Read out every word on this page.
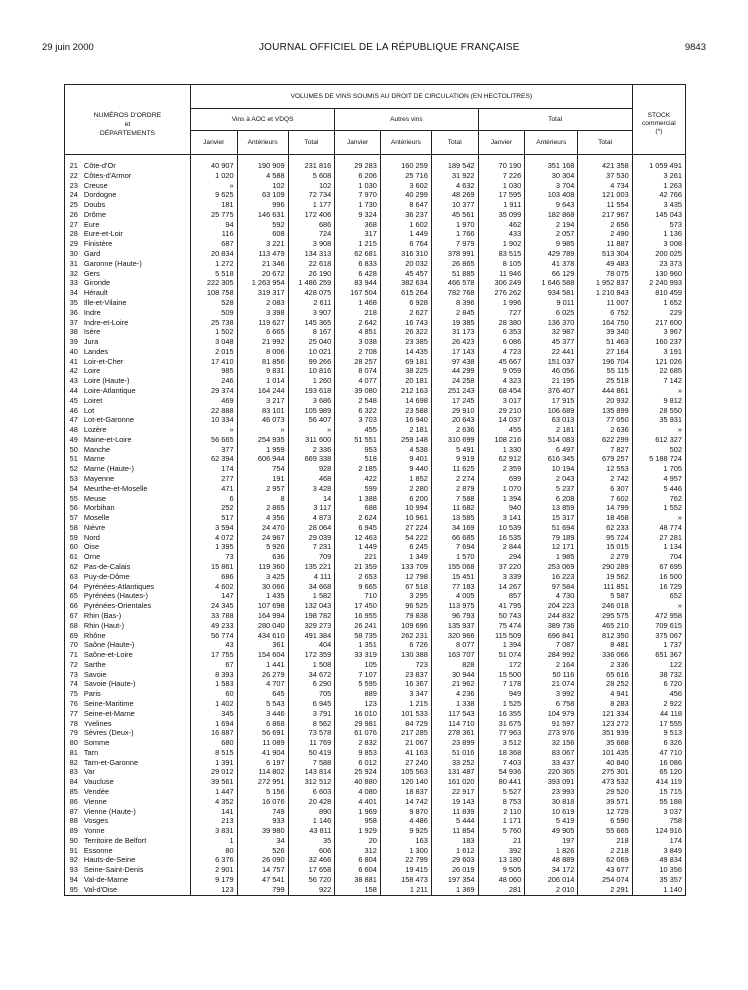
29 juin 2000	JOURNAL OFFICIEL DE LA RÉPUBLIQUE FRANÇAISE	9843

NUMÉROS D'ORDRE
et
DÉPARTEMENTS		VOLUMES DE VINS SOUMIS AU DROIT DE CIRCULATION (EN HECTOLITRES)									STOCK
commercial
(*)

		Vins à AOC et VDQS			Autres vins			Total			
		Janvier	Antérieurs	Total	Janvier	Antérieurs	Total	Janvier	Antérieurs	Total	

21	Côte-d'Or	40 907	190 909	231 816	29 283	160 259	189 542	70 190	351 168	421 358	1 059 491
22	Côtes-d'Armor	1 020	4 588	5 608	6 206	25 716	31 922	7 226	30 304	37 530	3 261
23	Creuse	»	102	102	1 030	3 602	4 632	1 030	3 704	4 734	1 263
24	Dordogne	9 625	63 109	72 734	7 970	40 299	48 269	17 595	103 408	121 003	42 766
25	Doubs	181	996	1 177	1 730	8 647	10 377	1 911	9 643	11 554	3 435
26	Drôme	25 775	146 631	172 406	9 324	36 237	45 561	35 099	182 868	217 967	145 043
27	Eure	94	592	686	368	1 602	1 970	462	2 194	2 656	573
28	Eure-et-Loir	116	608	724	317	1 449	1 766	433	2 057	2 490	1 136
29	Finistère	687	3 221	3 908	1 215	6 764	7 979	1 902	9 985	11 887	3 008
30	Gard	20 834	113 479	134 313	62 681	316 310	378 991	83 515	429 789	513 304	200 025
31	Garonne (Haute-)	1 272	21 346	22 618	6 833	20 032	26 865	8 105	41 378	49 483	23 373
32	Gers	5 518	20 672	26 190	6 428	45 457	51 885	11 946	66 129	78 075	130 960
33	Gironde	222 305	1 263 954	1 486 259	83 944	382 634	466 578	306 249	1 646 588	1 952 837	2 240 993
34	Hérault	108 758	319 317	428 075	167 504	615 264	782 768	276 262	934 581	1 210 843	810 459
35	Ille-et-Vilaine	528	2 083	2 611	1 468	6 928	8 396	1 996	9 011	11 007	1 652
36	Indre	509	3 398	3 907	218	2 627	2 845	727	6 025	6 752	229
37	Indre-et-Loire	25 738	119 627	145 365	2 642	16 743	19 385	28 380	136 370	164 750	217 600
38	Isère	1 502	6 665	8 167	4 851	26 322	31 173	6 353	32 987	39 340	3 967
39	Jura	3 048	21 992	25 040	3 038	23 385	26 423	6 086	45 377	51 463	160 237
40	Landes	2 015	8 006	10 021	2 708	14 435	17 143	4 723	22 441	27 164	3 191
41	Loir-et-Cher	17 410	81 856	99 266	28 257	69 181	97 438	45 667	151 037	196 704	121 026
42	Loire	985	9 831	10 816	8 074	38 225	44 299	9 059	46 056	55 115	22 685
43	Loire (Haute-)	246	1 014	1 260	4 077	20 181	24 258	4 323	21 195	25 518	7 142
44	Loire-Atlantique	29 374	164 244	193 618	39 080	212 163	251 243	68 454	376 407	444 861	»
45	Loiret	469	3 217	3 686	2 548	14 698	17 245	3 017	17 915	20 932	9 812
46	Lot	22 888	83 101	105 989	6 322	23 588	29 910	29 210	106 689	135 899	28 550
47	Lot-et-Garonne	10 334	46 073	56 407	3 703	16 940	20 643	14 037	63 013	77 050	35 931
48	Lozère	»	»	»	455	2 181	2 636	455	2 181	2 636	»
49	Maine-et-Loire	56 665	254 935	311 600	51 551	259 148	310 699	108 216	514 083	622 299	612 327
50	Manche	377	1 959	2 336	953	4 538	5 491	1 330	6 497	7 827	502
51	Marne	62 394	606 944	669 338	518	9 401	9 919	62 912	616 345	679 257	5 188 724
52	Marne (Haute-)	174	754	928	2 185	9 440	11 625	2 359	10 194	12 553	1 705
53	Mayenne	277	191	468	422	1 852	2 274	699	2 043	2 742	4 957
54	Meurthe-et-Moselle	471	2 957	3 428	599	2 280	2 879	1 070	5 237	6 307	5 446
55	Meuse	6	8	14	1 388	6 200	7 588	1 394	6 208	7 602	762
56	Morbihan	252	2 865	3 117	688	10 994	11 682	940	13 859	14 799	1 552
57	Moselle	517	4 356	4 873	2 624	10 961	13 585	3 141	15 317	18 458	»
58	Nièvre	3 594	24 470	28 064	6 945	27 224	34 169	10 539	51 694	62 233	48 774
59	Nord	4 072	24 967	29 039	12 463	54 222	66 685	16 535	79 189	95 724	27 281
60	Oise	1 395	5 926	7 231	1 449	6 245	7 694	2 844	12 171	15 015	1 134
61	Orne	73	636	709	221	1 349	1 570	294	1 985	2 279	704
62	Pas-de-Calais	15 861	119 360	135 221	21 359	133 709	155 068	37 220	253 069	290 289	67 695
63	Puy-de-Dôme	686	3 425	4 111	2 653	12 798	15 451	3 339	16 223	19 562	16 500
64	Pyrénées-Atlantiques	4 602	30 066	34 668	9 665	67 518	77 183	14 267	97 584	111 851	16 729
65	Pyrénées (Hautes-)	147	1 435	1 582	710	3 295	4 005	857	4 730	5 587	652
66	Pyrénées-Orientales	24 345	107 698	132 043	17 450	96 525	113 975	41 795	204 223	246 018	»
67	Rhin (Bas-)	33 788	164 994	198 782	16 955	79 838	96 793	50 743	244 832	295 575	472 958
68	Rhin (Haut-)	49 233	280 040	329 273	26 241	109 696	135 937	75 474	389 736	465 210	709 615
69	Rhône	56 774	434 610	491 384	58 735	262 231	320 966	115 509	696 841	812 350	375 067
70	Saône (Haute-)	43	361	404	1 351	6 726	8 077	1 394	7 087	8 481	1 737
71	Saône-et-Loire	17 755	154 604	172 359	33 319	130 388	163 707	51 074	284 992	336 066	651 367
72	Sarthe	67	1 441	1 508	105	723	828	172	2 164	2 336	122
73	Savoie	8 393	26 279	34 672	7 107	23 837	30 944	15 500	50 116	65 616	38 732
74	Savoie (Haute-)	1 583	4 707	6 290	5 595	16 367	21 962	7 178	21 074	28 252	6 720
75	Paris	60	645	705	889	3 347	4 236	949	3 992	4 941	456
76	Seine-Maritime	1 402	5 543	6 945	123	1 215	1 338	1 525	6 758	8 283	2 922
77	Seine-et-Marne	345	3 446	3 791	16 010	101 533	117 543	16 355	104 979	121 334	44 118
78	Yvelines	1 694	6 868	8 562	29 981	84 729	114 710	31 675	91 597	123 272	17 555
79	Sèvres (Deux-)	16 887	56 691	73 578	61 076	217 285	278 361	77 963	273 976	351 939	9 513
80	Somme	680	11 089	11 769	2 832	21 067	23 899	3 512	32 156	35 668	6 326
81	Tarn	8 515	41 904	50 419	9 853	41 163	51 016	18 368	83 067	101 435	47 710
82	Tarn-et-Garonne	1 391	6 197	7 588	6 012	27 240	33 252	7 403	33 437	40 840	16 086
83	Var	29 012	114 802	143 814	25 924	105 563	131 487	54 936	220 365	275 301	65 120
84	Vaucluse	39 561	272 951	312 512	40 880	120 140	161 020	80 441	393 091	473 532	414 119
85	Vendée	1 447	5 156	6 603	4 080	18 837	22 917	5 527	23 993	29 520	15 715
86	Vienne	4 352	16 076	20 428	4 401	14 742	19 143	8 753	30 818	39 571	55 188
87	Vienne (Haute-)	141	749	890	1 969	9 870	11 839	2 110	10 619	12 729	3 037
88	Vosges	213	933	1 146	958	4 486	5 444	1 171	5 419	6 590	758
89	Yonne	3 831	39 980	43 811	1 929	9 925	11 854	5 760	49 905	55 665	124 916
90	Territoire de Belfort	1	34	35	20	163	183	21	197	218	174
91	Essonne	80	526	606	312	1 300	1 612	392	1 826	2 218	3 849
92	Hauts-de-Seine	6 376	26 090	32 466	6 804	22 799	29 603	13 180	48 889	62 069	49 834
93	Seine-Saint-Denis	2 901	14 757	17 658	6 604	19 415	26 019	9 505	34 172	43 677	10 356
94	Val-de-Marne	9 179	47 541	56 720	38 881	158 473	197 354	48 060	206 014	254 074	35 357
95	Val-d'Oise	123	799	922	158	1 211	1 369	281	2 010	2 291	1 140
